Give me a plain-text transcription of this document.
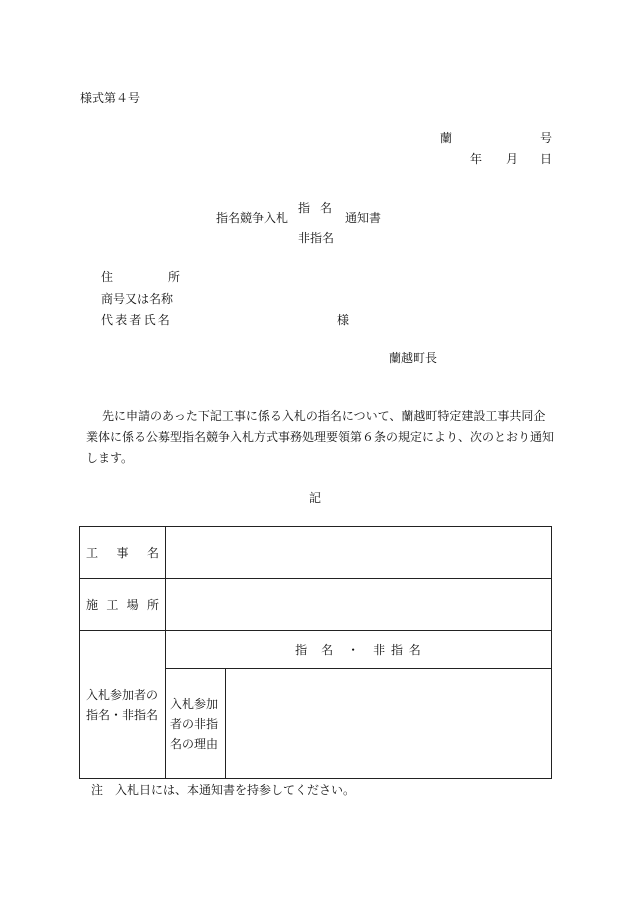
様式第４号
蘭	号
年 月 日
指名競争入札
指名
非指名
通知書
住	所
商号又は名称
代表者氏名	様
蘭越町長
先に申請のあった下記工事に係る入札の指名について、蘭越町特定建設工事共同企業体に係る公募型指名競争入札方式事務処理要領第６条の規定により、次のとおり通知します。
記
工 事 名		

施 工 場 所		

入札参加者の指名・非指名	指　名　・　非 指 名	
	入札参加者の非指名の理由	
注　入札日には、本通知書を持参してください。
